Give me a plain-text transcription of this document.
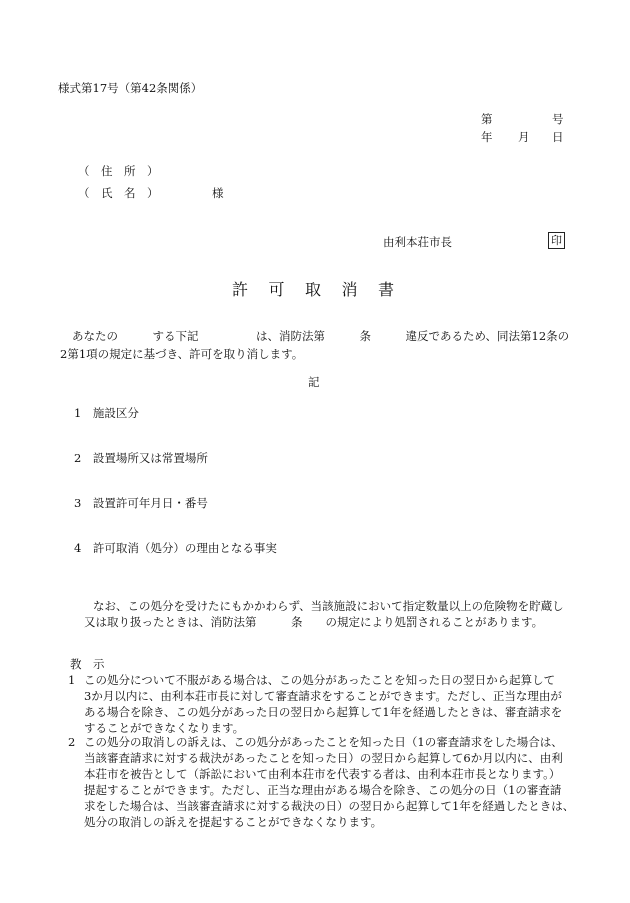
様式第17号（第42条関係）
第	号
年 月 日
（　住　所　）
（　氏　名　）	様
由利本荘市長	印
許可取消書
あなたの　　　する下記　　　　　は、消防法第　　　条　　　違反であるため、同法第12条の
2第1項の規定に基づき、許可を取り消します。
記
1　施設区分
2　設置場所又は常置場所
3　設置許可年月日・番号
4　許可取消（処分）の理由となる事実
なお、この処分を受けたにもかかわらず、当該施設において指定数量以上の危険物を貯蔵し
又は取り扱ったときは、消防法第　　　条　　の規定により処罰されることがあります。
教　示
1 この処分について不服がある場合は、この処分があったことを知った日の翌日から起算して
3か月以内に、由利本荘市長に対して審査請求をすることができます。ただし、正当な理由が
ある場合を除き、この処分があった日の翌日から起算して1年を経過したときは、審査請求を
することができなくなります。
2 この処分の取消しの訴えは、この処分があったことを知った日（1の審査請求をした場合は、
当該審査請求に対する裁決があったことを知った日）の翌日から起算して6か月以内に、由利
本荘市を被告として（訴訟において由利本荘市を代表する者は、由利本荘市長となります。）
提起することができます。ただし、正当な理由がある場合を除き、この処分の日（1の審査請
求をした場合は、当該審査請求に対する裁決の日）の翌日から起算して1年を経過したときは、
処分の取消しの訴えを提起することができなくなります。
